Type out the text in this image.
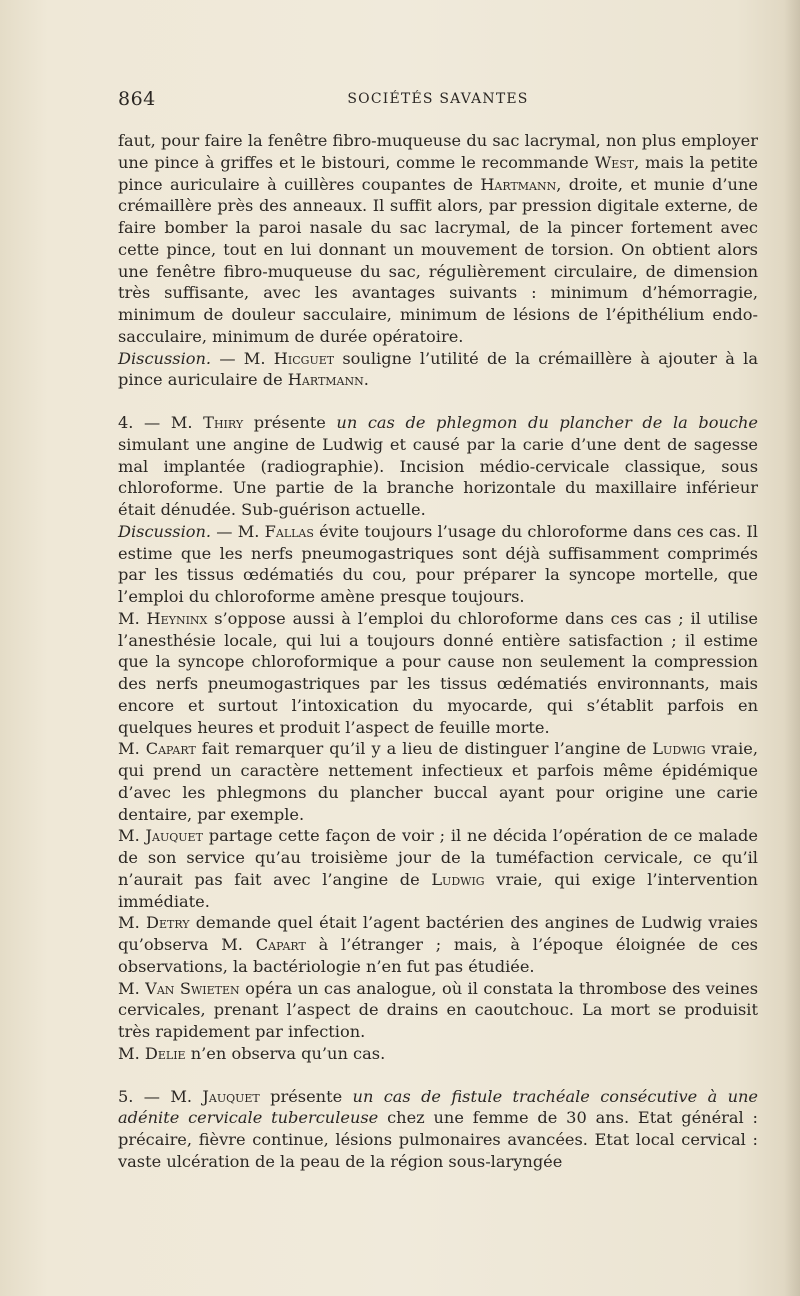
864	SOCIÉTÉS SAVANTES

faut, pour faire la fenêtre fibro-muqueuse du sac lacrymal, non plus employer une pince à griffes et le bistouri, comme le recommande West, mais la petite pince auriculaire à cuillères coupantes de Hartmann, droite, et munie d’une crémaillère près des anneaux. Il suffit alors, par pression digitale externe, de faire bomber la paroi nasale du sac lacrymal, de la pincer fortement avec cette pince, tout en lui donnant un mouvement de torsion. On obtient alors une fenêtre fibro-muqueuse du sac, régulièrement circulaire, de dimension très suffisante, avec les avantages suivants : minimum d’hémorragie, minimum de douleur sacculaire, minimum de lésions de l’épithélium endo-sacculaire, minimum de durée opératoire.

Discussion. — M. Hicguet souligne l’utilité de la crémaillère à ajouter à la pince auriculaire de Hartmann.

4. — M. Thiry présente un cas de phlegmon du plancher de la bouche simulant une angine de Ludwig et causé par la carie d’une dent de sagesse mal implantée (radiographie). Incision médio-cervicale classique, sous chloroforme. Une partie de la branche horizontale du maxillaire inférieur était dénudée. Sub-guérison actuelle.

Discussion. — M. Fallas évite toujours l’usage du chloroforme dans ces cas. Il estime que les nerfs pneumogastriques sont déjà suffisamment comprimés par les tissus œdématiés du cou, pour préparer la syncope mortelle, que l’emploi du chloroforme amène presque toujours.

M. Heyninx s’oppose aussi à l’emploi du chloroforme dans ces cas ; il utilise l’anesthésie locale, qui lui a toujours donné entière satisfaction ; il estime que la syncope chloroformique a pour cause non seulement la compression des nerfs pneumogastriques par les tissus œdématiés environnants, mais encore et surtout l’intoxication du myocarde, qui s’établit parfois en quelques heures et produit l’aspect de feuille morte.

M. Capart fait remarquer qu’il y a lieu de distinguer l’angine de Ludwig vraie, qui prend un caractère nettement infectieux et parfois même épidémique d’avec les phlegmons du plancher buccal ayant pour origine une carie dentaire, par exemple.

M. Jauquet partage cette façon de voir ; il ne décida l’opération de ce malade de son service qu’au troisième jour de la tuméfaction cervicale, ce qu’il n’aurait pas fait avec l’angine de Ludwig vraie, qui exige l’intervention immédiate.

M. Detry demande quel était l’agent bactérien des angines de Ludwig vraies qu’observa M. Capart à l’étranger ; mais, à l’époque éloignée de ces observations, la bactériologie n’en fut pas étudiée.

M. Van Swieten opéra un cas analogue, où il constata la thrombose des veines cervicales, prenant l’aspect de drains en caoutchouc. La mort se produisit très rapidement par infection.

M. Delie n’en observa qu’un cas.

5. — M. Jauquet présente un cas de fistule trachéale consécutive à une adénite cervicale tuberculeuse chez une femme de 30 ans. Etat général : précaire, fièvre continue, lésions pulmonaires avancées. Etat local cervical : vaste ulcération de la peau de la région sous-laryngée
